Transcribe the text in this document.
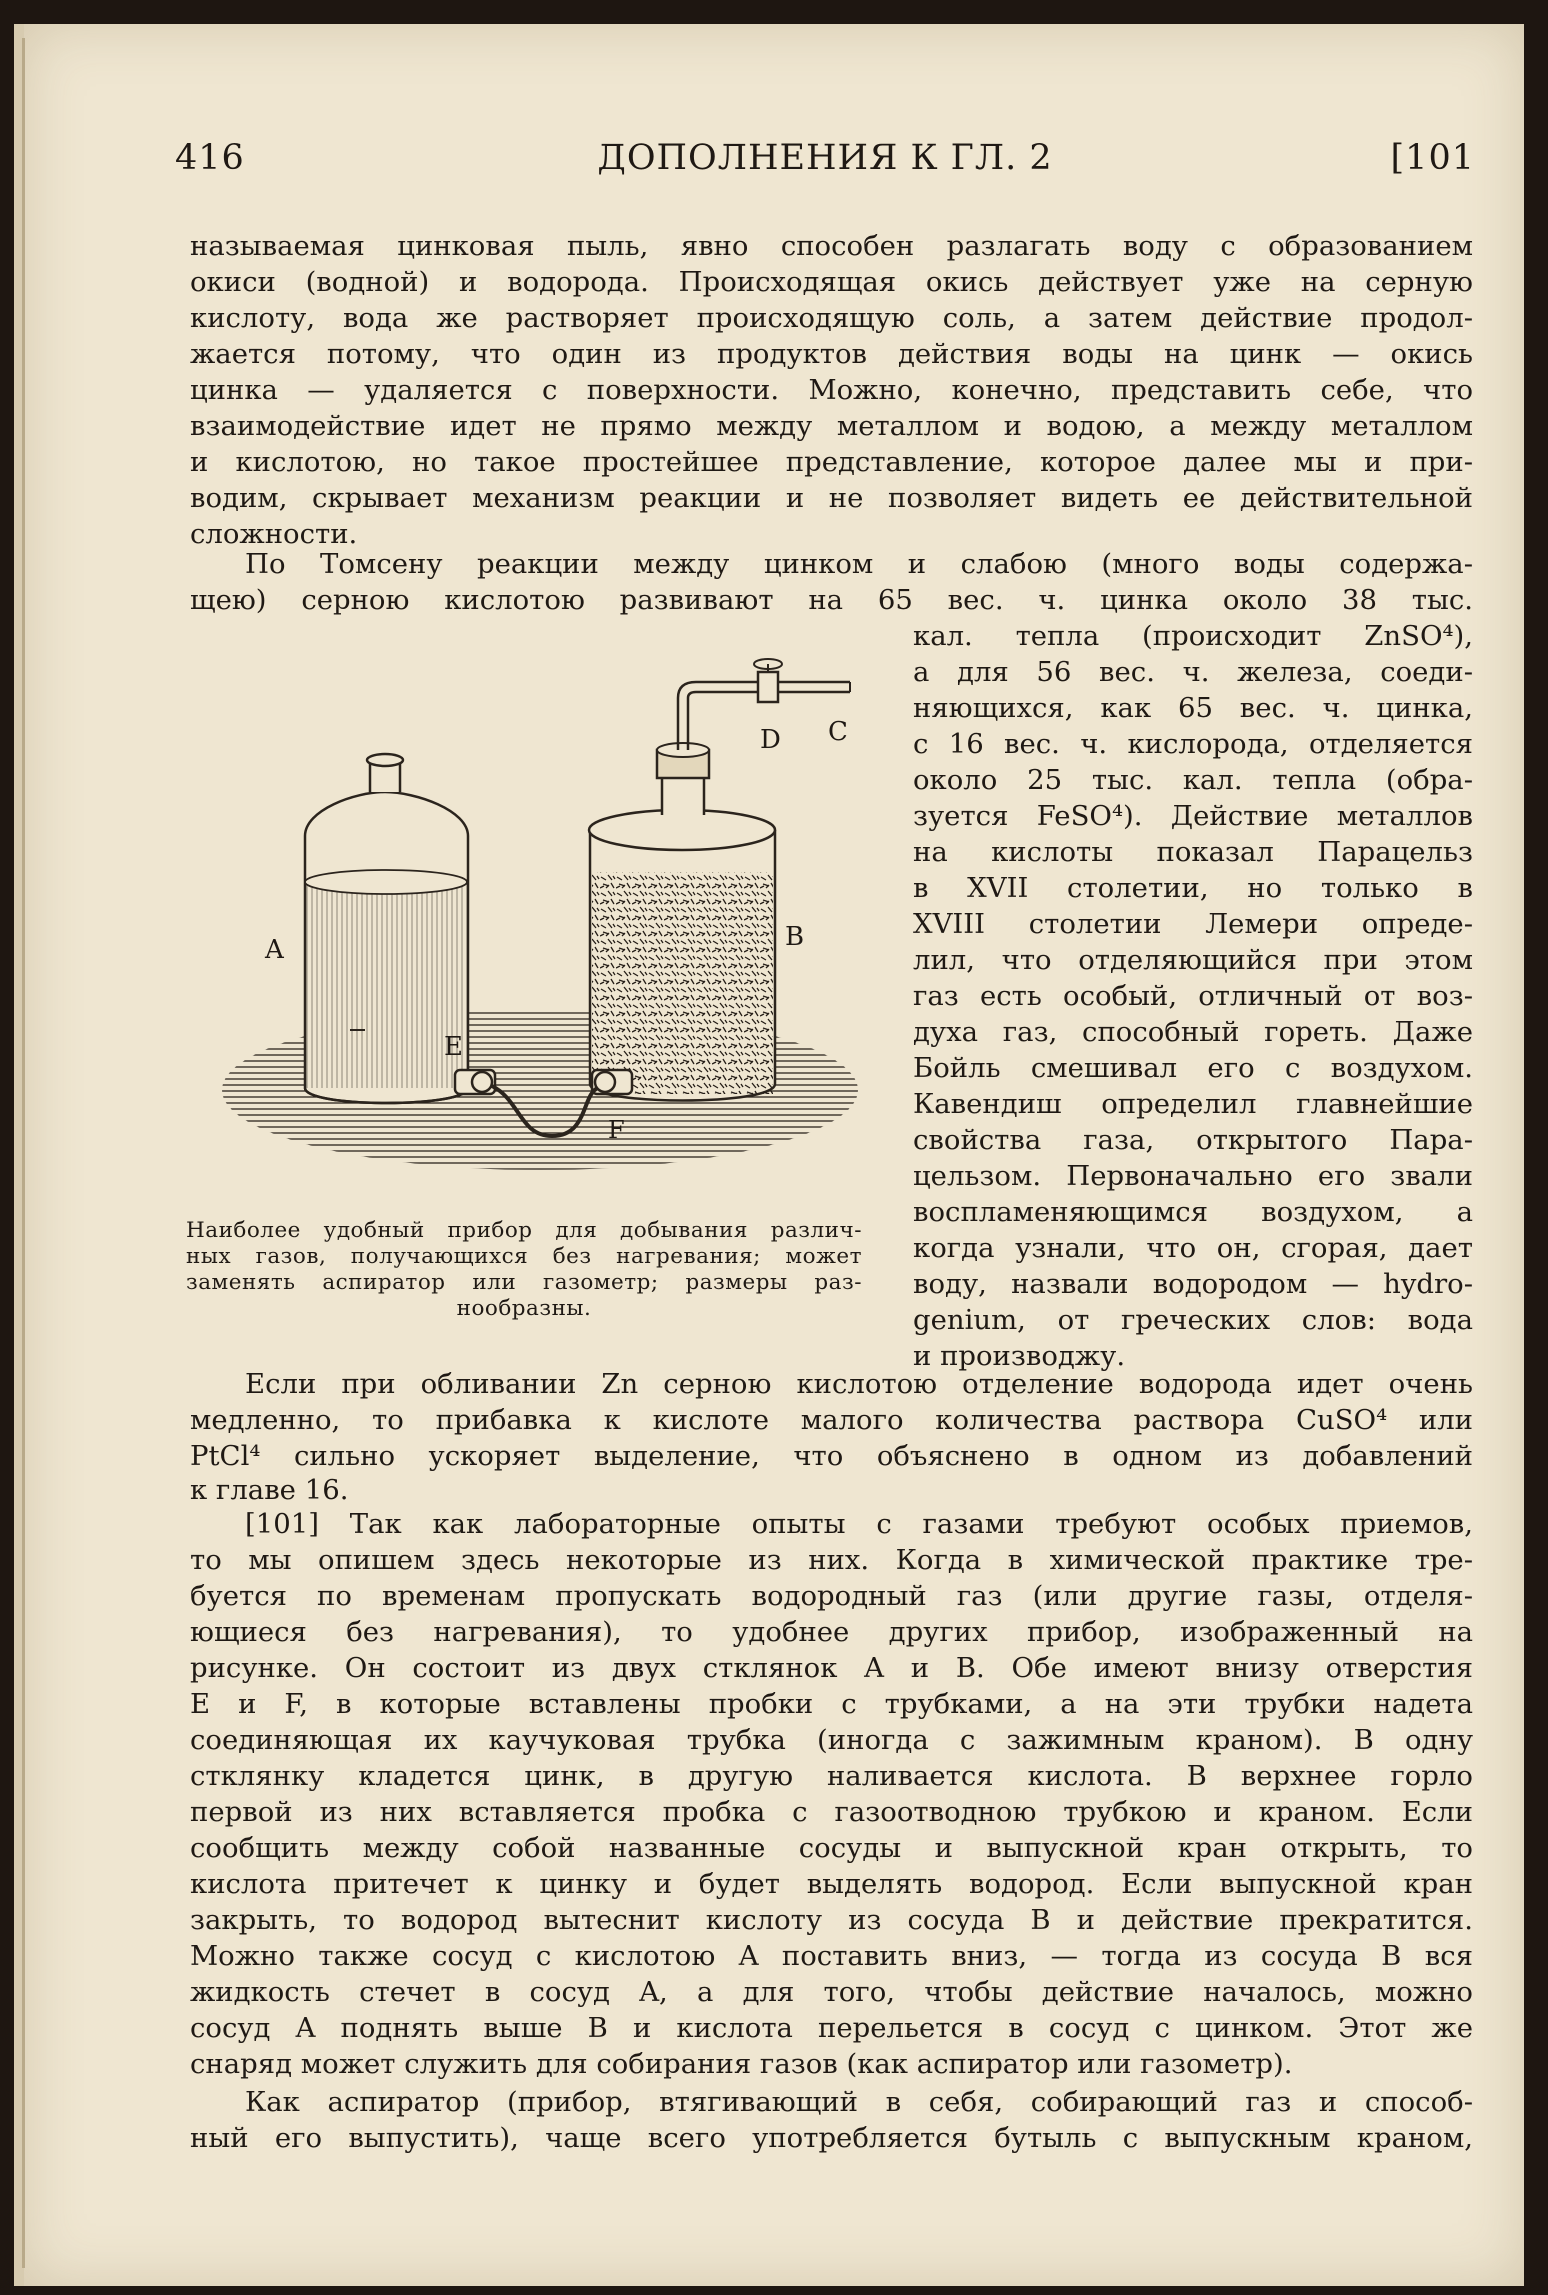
416	ДОПОЛНЕНИЯ К ГЛ. 2	[101
называемая цинковая пыль, явно способен разлагать воду с образованием
окиси (водной) и водорода. Происходящая окись действует уже на серную
кислоту, вода же растворяет происходящую соль, а затем действие продол-
жается потому, что один из продуктов действия воды на цинк — окись
цинка — удаляется с поверхности. Можно, конечно, представить себе, что
взаимодействие идет не прямо между металлом и водою, а между металлом
и кислотою, но такое простейшее представление, которое далее мы и при-
водим, скрывает механизм реакции и не позволяет видеть ее действительной
сложности.
По Томсену реакции между цинком и слабою (много воды содержа-
щею) серною кислотою развивают на 65 вес. ч. цинка около 38 тыс.
кал. тепла (происходит ZnSO⁴),
а для 56 вес. ч. железа, соеди-
няющихся, как 65 вес. ч. цинка,
с 16 вес. ч. кислорода, отделяется
около 25 тыс. кал. тепла (обра-
зуется FeSO⁴). Действие металлов
на кислоты показал Парацельз
в XVII столетии, но только в
XVIII столетии Лемери опреде-
лил, что отделяющийся при этом
газ есть особый, отличный от воз-
духа газ, способный гореть. Даже
Бойль смешивал его с воздухом.
Кавендиш определил главнейшие
свойства газа, открытого Пара-
цельзом. Первоначально его звали
воспламеняющимся воздухом, а
когда узнали, что он, сгорая, дает
воду, назвали водородом — hydro-
genium, от греческих слов: вода
и производжу.
Если при обливании Zn серною кислотою отделение водорода идет очень
медленно, то прибавка к кислоте малого количества раствора CuSO⁴ или
PtCl⁴ сильно ускоряет выделение, что объяснено в одном из добавлений
к главе 16.
[101] Так как лабораторные опыты с газами требуют особых приемов,
то мы опишем здесь некоторые из них. Когда в химической практике тре-
буется по временам пропускать водородный газ (или другие газы, отделя-
ющиеся без нагревания), то удобнее других прибор, изображенный на
рисунке. Он состоит из двух стклянок A и B. Обе имеют внизу отверстия
E и F, в которые вставлены пробки с трубками, а на эти трубки надета
соединяющая их каучуковая трубка (иногда с зажимным краном). В одну
стклянку кладется цинк, в другую наливается кислота. В верхнее горло
первой из них вставляется пробка с газоотводною трубкою и краном. Если
сообщить между собой названные сосуды и выпускной кран открыть, то
кислота притечет к цинку и будет выделять водород. Если выпускной кран
закрыть, то водород вытеснит кислоту из сосуда B и действие прекратится.
Можно также сосуд с кислотою A поставить вниз, — тогда из сосуда B вся
жидкость стечет в сосуд A, а для того, чтобы действие началось, можно
сосуд A поднять выше B и кислота перельется в сосуд с цинком. Этот же
снаряд может служить для собирания газов (как аспиратор или газометр).
Как аспиратор (прибор, втягивающий в себя, собирающий газ и способ-
ный его выпустить), чаще всего употребляется бутыль с выпускным краном,
A	B
C
D
E
F
Наиболее удобный прибор для добывания различ-
ных газов, получающихся без нагревания; может
заменять аспиратор или газометр; размеры раз-
нообразны.
